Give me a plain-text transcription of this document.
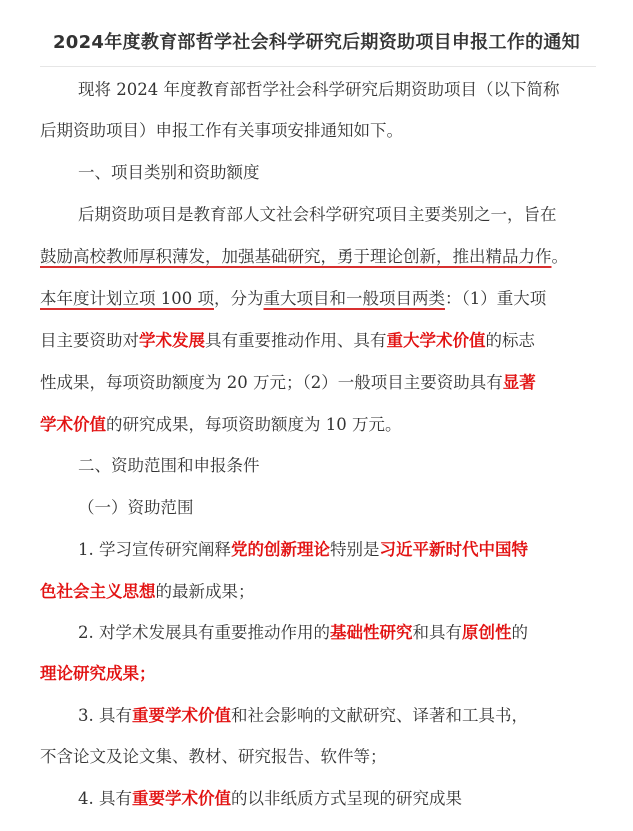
2024年度教育部哲学社会科学研究后期资助项目申报工作的通知
现将 2024 年度教育部哲学社会科学研究后期资助项目（以下简称
后期资助项目）申报工作有关事项安排通知如下。
一、项目类别和资助额度
后期资助项目是教育部人文社会科学研究项目主要类别之一，旨在
鼓励高校教师厚积薄发，加强基础研究，勇于理论创新，推出精品力作。
本年度计划立项 100 项，分为重大项目和一般项目两类：（1）重大项
目主要资助对学术发展具有重要推动作用、具有重大学术价值的标志
性成果，每项资助额度为 20 万元；（2）一般项目主要资助具有显著
学术价值的研究成果，每项资助额度为 10 万元。
二、资助范围和申报条件
（一）资助范围
1. 学习宣传研究阐释党的创新理论特别是习近平新时代中国特
色社会主义思想的最新成果；
2. 对学术发展具有重要推动作用的基础性研究和具有原创性的
理论研究成果；
3. 具有重要学术价值和社会影响的文献研究、译著和工具书，
不含论文及论文集、教材、研究报告、软件等；
4. 具有重要学术价值的以非纸质方式呈现的研究成果
